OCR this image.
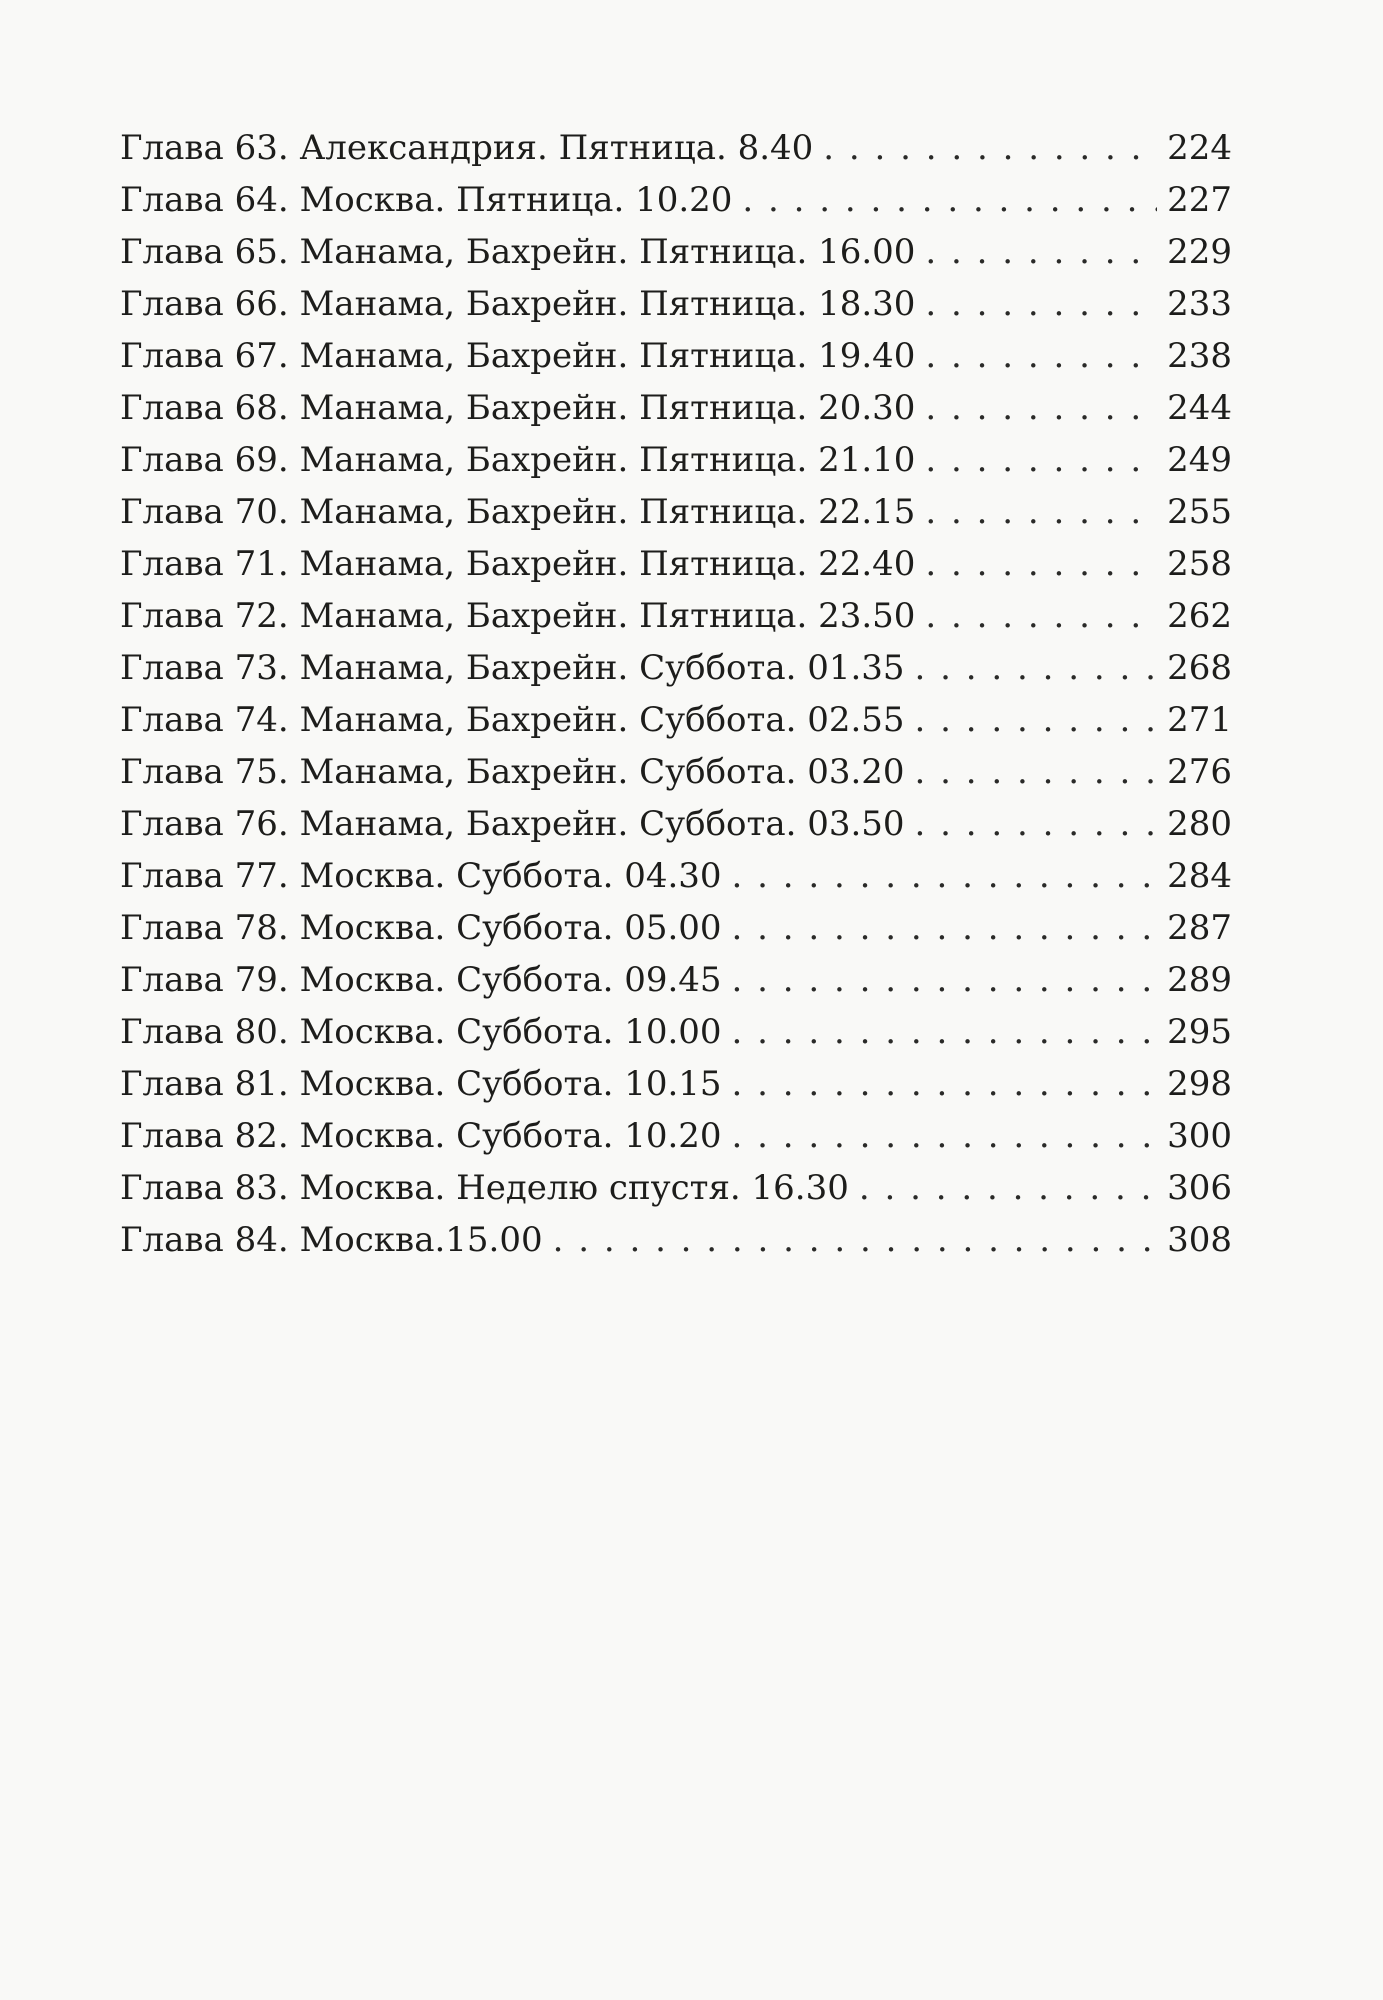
Глава 63. Александрия. Пятница. 8.40 . . .	224
Глава 64. Москва. Пятница. 10.20 . . .	227
Глава 65. Манама, Бахрейн. Пятница. 16.00 . . .	229
Глава 66. Манама, Бахрейн. Пятница. 18.30 . . .	233
Глава 67. Манама, Бахрейн. Пятница. 19.40 . . .	238
Глава 68. Манама, Бахрейн. Пятница. 20.30 . . .	244
Глава 69. Манама, Бахрейн. Пятница. 21.10 . . .	249
Глава 70. Манама, Бахрейн. Пятница. 22.15 . . .	255
Глава 71. Манама, Бахрейн. Пятница. 22.40 . . .	258
Глава 72. Манама, Бахрейн. Пятница. 23.50 . . .	262
Глава 73. Манама, Бахрейн. Суббота. 01.35 . . .	268
Глава 74. Манама, Бахрейн. Суббота. 02.55 . . .	271
Глава 75. Манама, Бахрейн. Суббота. 03.20 . . .	276
Глава 76. Манама, Бахрейн. Суббота. 03.50 . . .	280
Глава 77. Москва. Суббота. 04.30 . . .	284
Глава 78. Москва. Суббота. 05.00 . . .	287
Глава 79. Москва. Суббота. 09.45 . . .	289
Глава 80. Москва. Суббота. 10.00 . . .	295
Глава 81. Москва. Суббота. 10.15 . . .	298
Глава 82. Москва. Суббота. 10.20 . . .	300
Глава 83. Москва. Неделю спустя. 16.30 . . .	306
Глава 84. Москва.15.00 . . .	308
